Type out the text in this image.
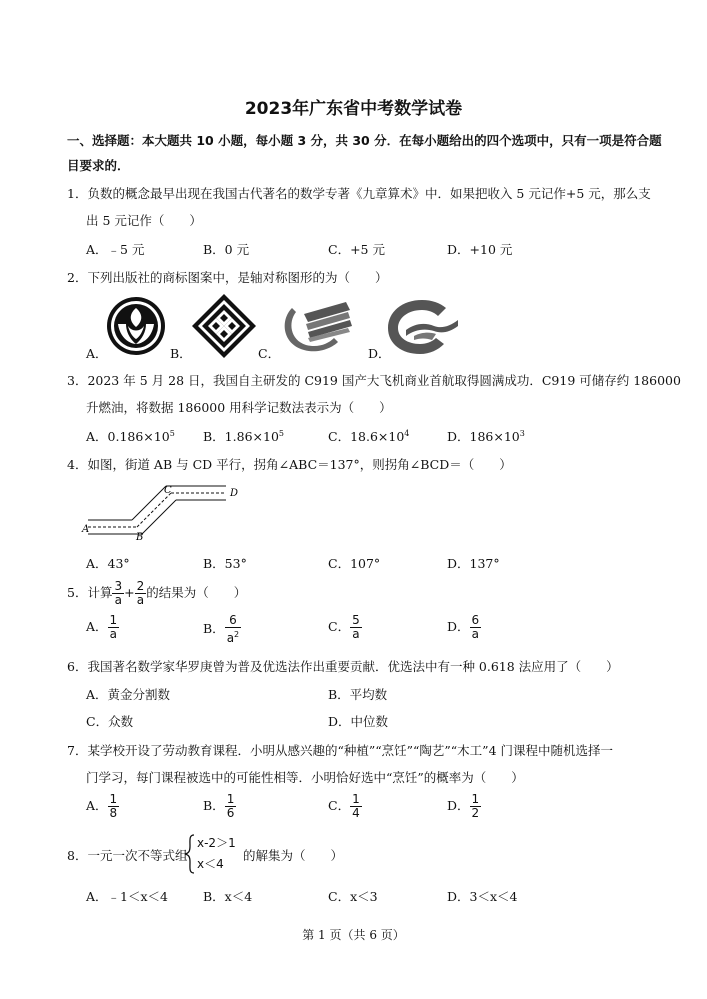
2023年广东省中考数学试卷
一、选择题：本大题共 10 小题，每小题 3 分，共 30 分．在每小题给出的四个选项中，只有一项是符合题
目要求的．
1．负数的概念最早出现在我国古代著名的数学专著《九章算术》中．如果把收入 5 元记作+5 元，那么支
出 5 元记作（　　）
A．﹣5 元	B．0 元	C．+5 元	D．+10 元
2．下列出版社的商标图案中，是轴对称图形的为（　　）
A．	B．	C．	D．
3．2023 年 5 月 28 日，我国自主研发的 C919 国产大飞机商业首航取得圆满成功．C919 可储存约 186000
升燃油，将数据 186000 用科学记数法表示为（　　）
A．$0.186\times 10^5$ B．$1.86\times 10^5$	C．$18.6\times 10^4$	D．$186\times 10^3$
4．如图，街道 AB 与 CD 平行，拐角∠ABC＝137°，则拐角∠BCD＝（　　）
A
B
C	D
A．43°	B．53°	C．107°	D．137°
5．计算 $\frac{3}{a} + \frac{2}{a}$ 的结果为（　　）
A． $\frac{1}{a}$	B． $\frac{6}{a^2}$	C． $\frac{5}{a}$	D． $\frac{6}{a}$
6．我国著名数学家华罗庚曾为普及优选法作出重要贡献．优选法中有一种 0.618 法应用了（　　）
A．黄金分割数	B．平均数
C．众数	D．中位数
7．某学校开设了劳动教育课程．小明从感兴趣的“种植”“烹饪”“陶艺”“木工”4 门课程中随机选择一
门学习，每门课程被选中的可能性相等．小明恰好选中“烹饪”的概率为（　　）
A． $\frac{1}{8}$	B． $\frac{1}{6}$	C． $\frac{1}{4}$	D． $\frac{1}{2}$
8．一元一次不等式组
x-2＞1
x＜4
的解集为（　　）
A．﹣1＜x＜4	B．x＜4	C．x＜3	D．3＜x＜4
第 1 页（共 6 页）
